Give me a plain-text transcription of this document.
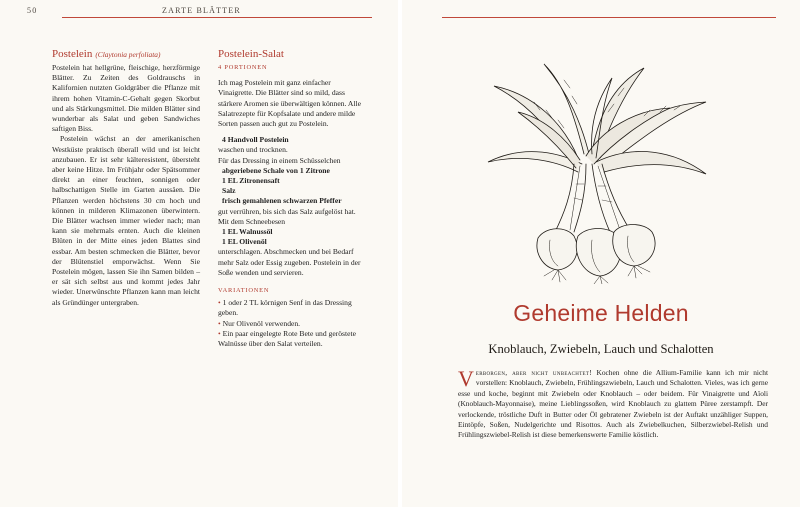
50	ZARTE BLÄTTER
Postelein (Claytonia perfoliata)

Postelein hat hellgrüne, fleischige, herzförmige Blätter. Zu Zeiten des Goldrauschs in Kalifornien nutzten Goldgräber die Pflanze mit ihrem hohen Vitamin-C-Gehalt gegen Skorbut und als Stärkungsmittel. Die milden Blätter sind wunderbar als Salat und geben Sandwiches saftigen Biss.

Postelein wächst an der amerikanischen Westküste praktisch überall wild und ist leicht anzubauen. Er ist sehr kälteresistent, übersteht aber keine Hitze. Im Frühjahr oder Spätsommer direkt an einer feuchten, sonnigen oder halbschattigen Stelle im Garten aussäen. Die Pflanzen werden höchstens 30 cm hoch und können in milderen Klimazonen überwintern. Die Blätter wachsen immer wieder nach; man kann sie mehrmals ernten. Auch die kleinen Blüten in der Mitte eines jeden Blattes sind essbar. Am besten schmecken die Blätter, bevor der Blütenstiel emporwächst. Wenn Sie Postelein mögen, lassen Sie ihn Samen bilden – er sät sich selbst aus und kommt jedes Jahr wieder. Unerwünschte Pflanzen kann man leicht als Gründünger untergraben.

Postelein-Salat
4 PORTIONEN

Ich mag Postelein mit ganz einfacher Vinaigrette. Die Blätter sind so mild, dass stärkere Aromen sie überwältigen können. Alle Salatrezepte für Kopfsalate und andere milde Sorten passen auch gut zu Postelein.

4 Handvoll Postelein

waschen und trocknen.

Für das Dressing in einem Schüsselchen

abgeriebene Schale von 1 Zitrone

1 EL Zitronensaft

Salz

frisch gemahlenen schwarzen Pfeffer

gut verrühren, bis sich das Salz aufgelöst hat. Mit dem Schneebesen

1 EL Walnussöl

1 EL Olivenöl

unterschlagen. Abschmecken und bei Bedarf mehr Salz oder Essig zugeben. Postelein in der Soße wenden und servieren.

VARIATIONEN

• 1 oder 2 TL körnigen Senf in das Dressing geben.

• Nur Olivenöl verwenden.

• Ein paar eingelegte Rote Bete und geröstete Walnüsse über den Salat verteilen.

Geheime Helden
Knoblauch, Zwiebeln, Lauch und Schalotten
Verborgen, aber nicht unbeachtet! Kochen ohne die Allium-Familie kann ich mir nicht vorstellen: Knoblauch, Zwiebeln, Frühlingszwiebeln, Lauch und Schalotten. Vieles, was ich gerne esse und koche, beginnt mit Zwiebeln oder Knoblauch – oder beidem. Für Vinaigrette und Aïoli (Knoblauch-Mayonnaise), meine Lieblingssoßen, wird Knoblauch zu glattem Püree zerstampft. Der verlockende, tröstliche Duft in Butter oder Öl gebratener Zwiebeln ist der Auftakt unzähliger Suppen, Eintöpfe, Soßen, Nudelgerichte und Risottos. Auch als Zwiebelkuchen, Silberzwiebel-Relish und Frühlingszwiebel-Relish ist diese bemerkenswerte Familie köstlich.
